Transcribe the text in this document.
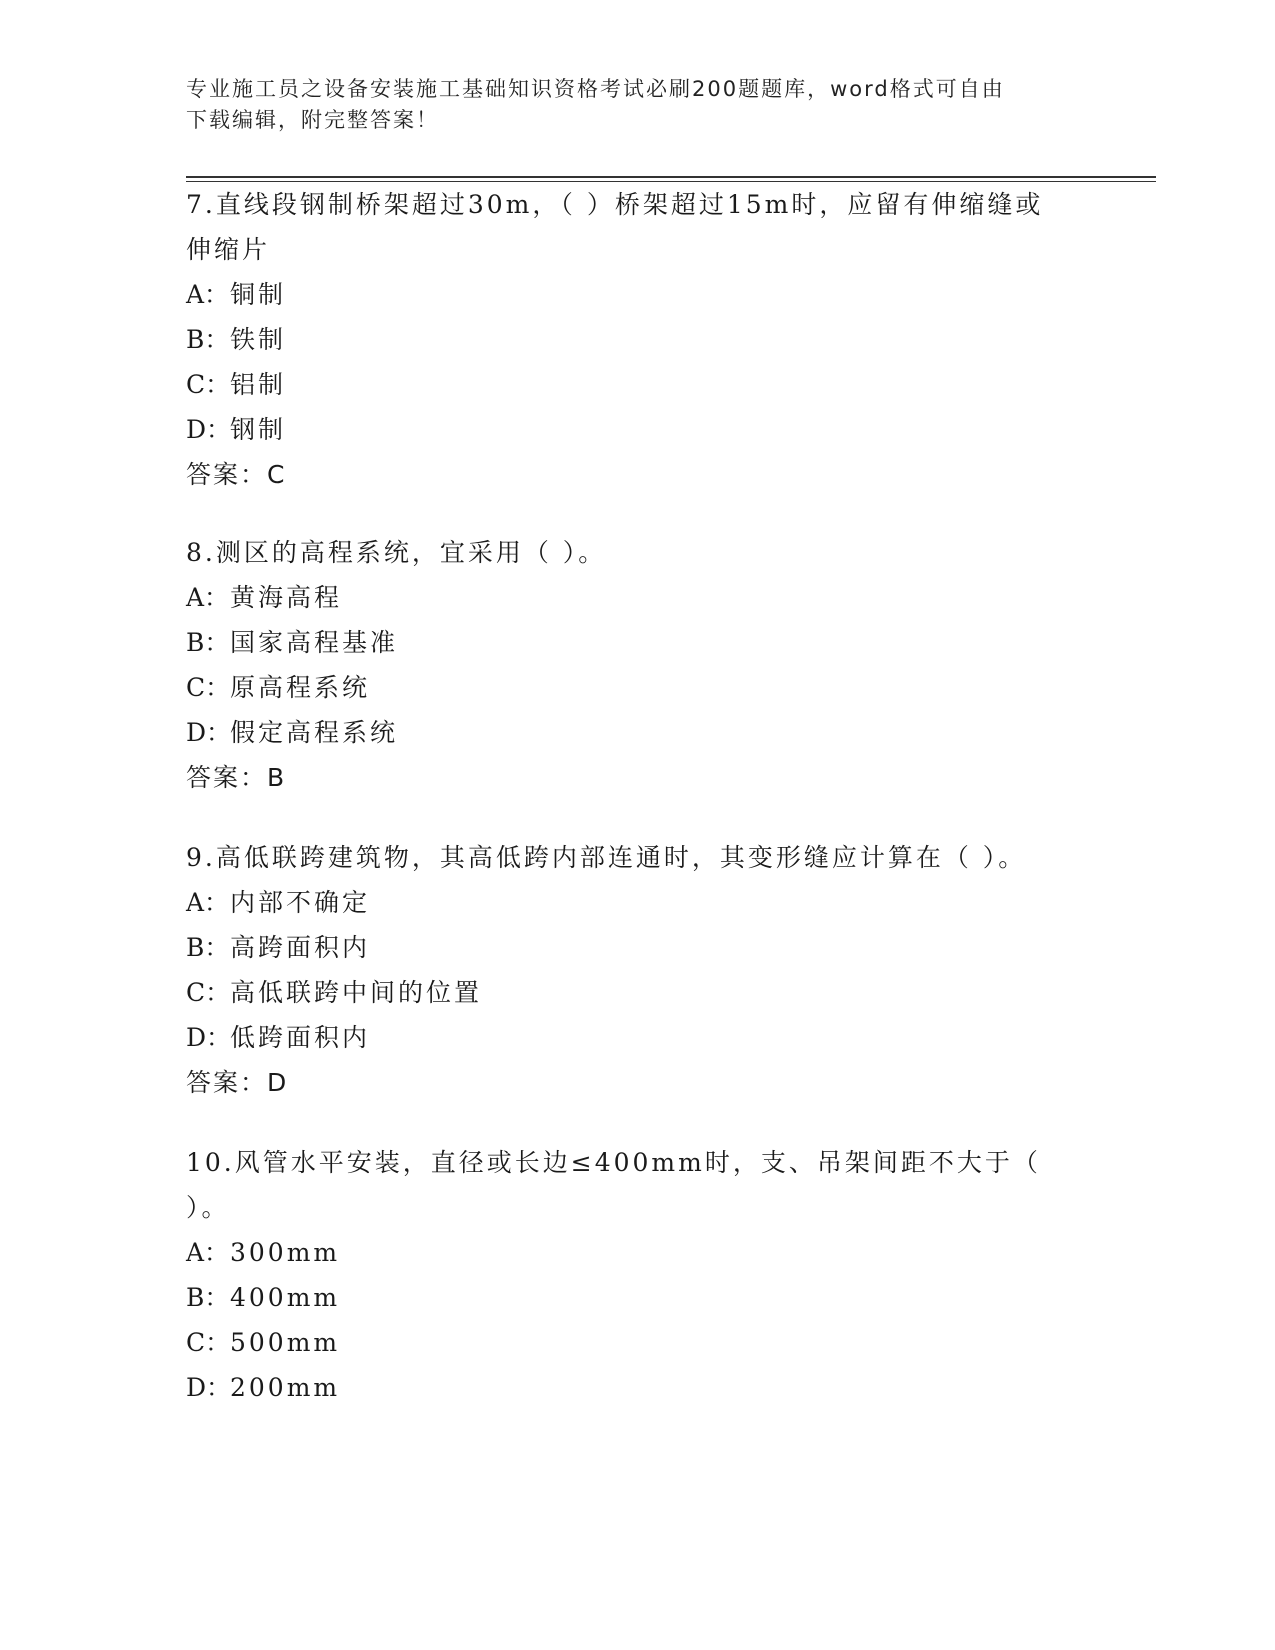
专业施工员之设备安装施工基础知识资格考试必刷200题题库，word格式可自由
下载编辑，附完整答案！

7.直线段钢制桥架超过30m，（ ）桥架超过15m时，应留有伸缩缝或伸缩片

A：铜制
B：铁制
C：铝制
D：钢制
答案：C

8.测区的高程系统，宜采用（ ）。

A：黄海高程
B：国家高程基准
C：原高程系统
D：假定高程系统
答案：B

9.高低联跨建筑物，其高低跨内部连通时，其变形缝应计算在（ ）。

A：内部不确定
B：高跨面积内
C：高低联跨中间的位置
D：低跨面积内
答案：D

10.风管水平安装，直径或长边≤400mm时，支、吊架间距不大于（ ）。

A：300mm
B：400mm
C：500mm
D：200mm
